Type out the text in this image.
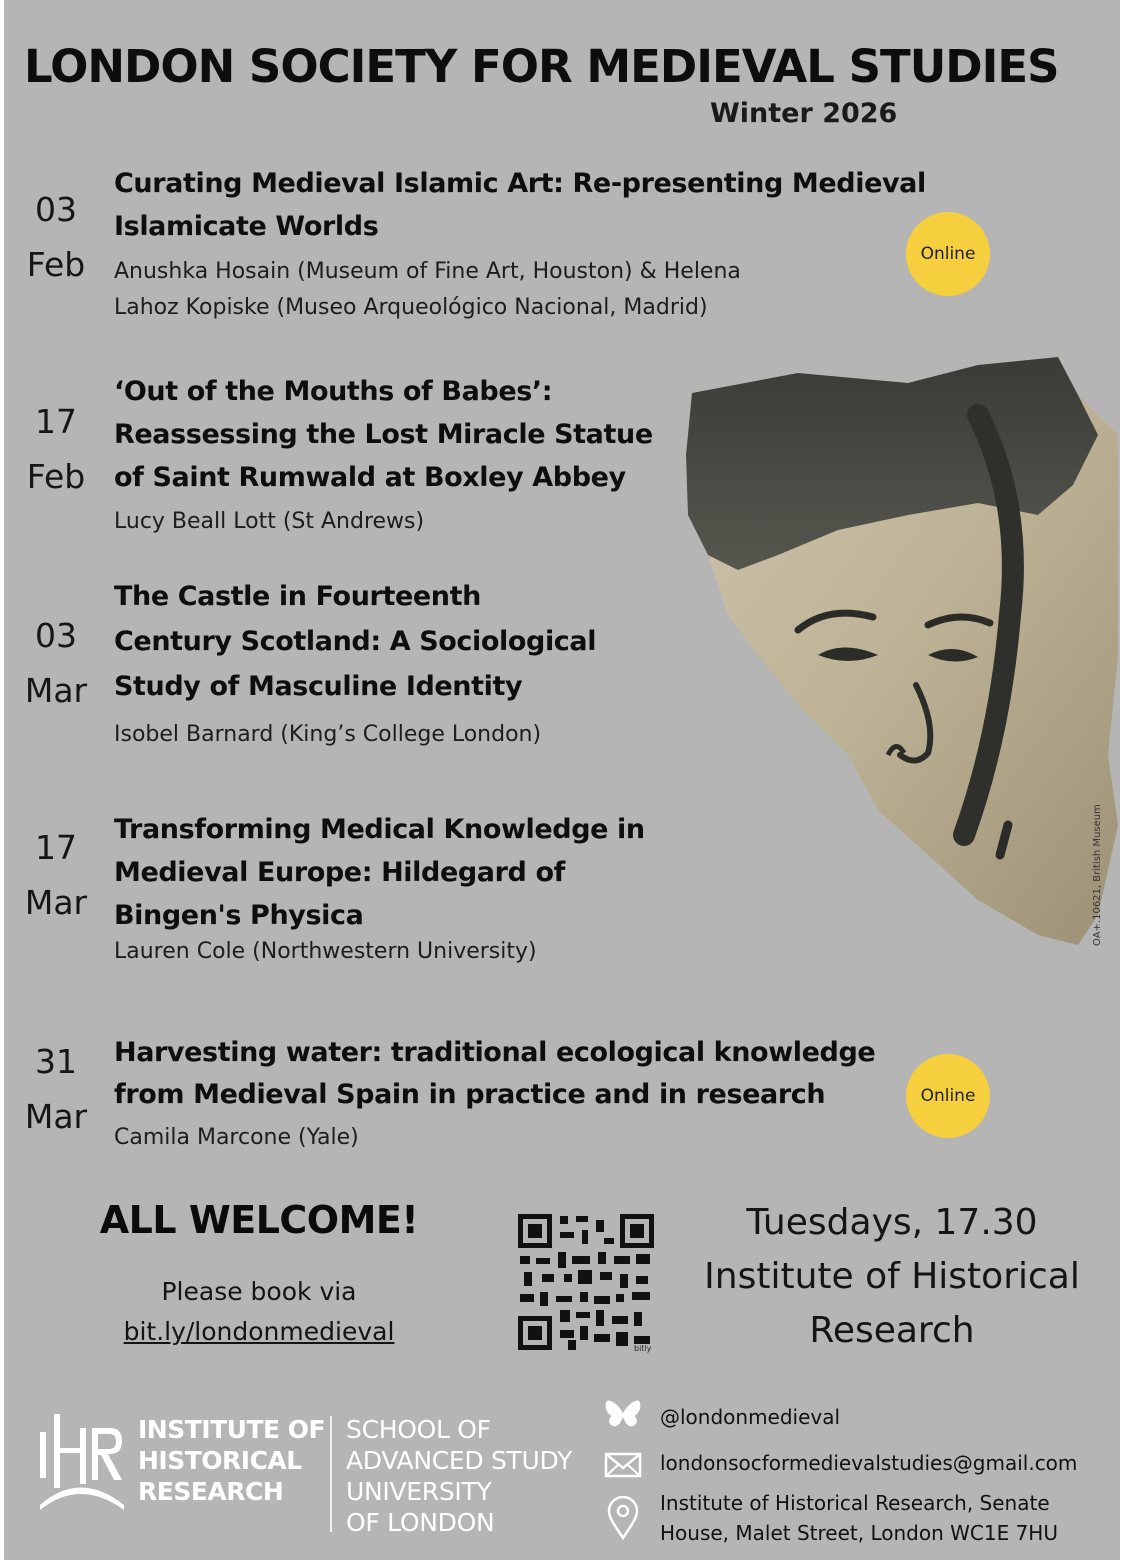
LONDON SOCIETY FOR MEDIEVAL STUDIES
Winter 2026
03
Feb
Curating Medieval Islamic Art: Re-presenting Medieval
Islamicate Worlds
Anushka Hosain (Museum of Fine Art, Houston) & Helena
Lahoz Kopiske (Museo Arqueológico Nacional, Madrid)
Online
17
Feb
‘Out of the Mouths of Babes’:
Reassessing the Lost Miracle Statue
of Saint Rumwald at Boxley Abbey
Lucy Beall Lott (St Andrews)
03
Mar
The Castle in Fourteenth
Century Scotland: A Sociological
Study of Masculine Identity
Isobel Barnard (King’s College London)
17
Mar
Transforming Medical Knowledge in
Medieval Europe: Hildegard of
Bingen's Physica
Lauren Cole (Northwestern University)
31
Mar
Harvesting water: traditional ecological knowledge
from Medieval Spain in practice and in research
Camila Marcone (Yale)
Online
OA+.10621, British Museum
ALL WELCOME!
Please book via
bit.ly/londonmedieval
bitly
Tuesdays, 17.30
Institute of Historical
Research
INSTITUTE OF
HISTORICAL
RESEARCH
SCHOOL OF
ADVANCED STUDY
UNIVERSITY
OF LONDON
@londonmedieval
londonsocformedievalstudies@gmail.com
Institute of Historical Research, Senate
House, Malet Street, London WC1E 7HU
